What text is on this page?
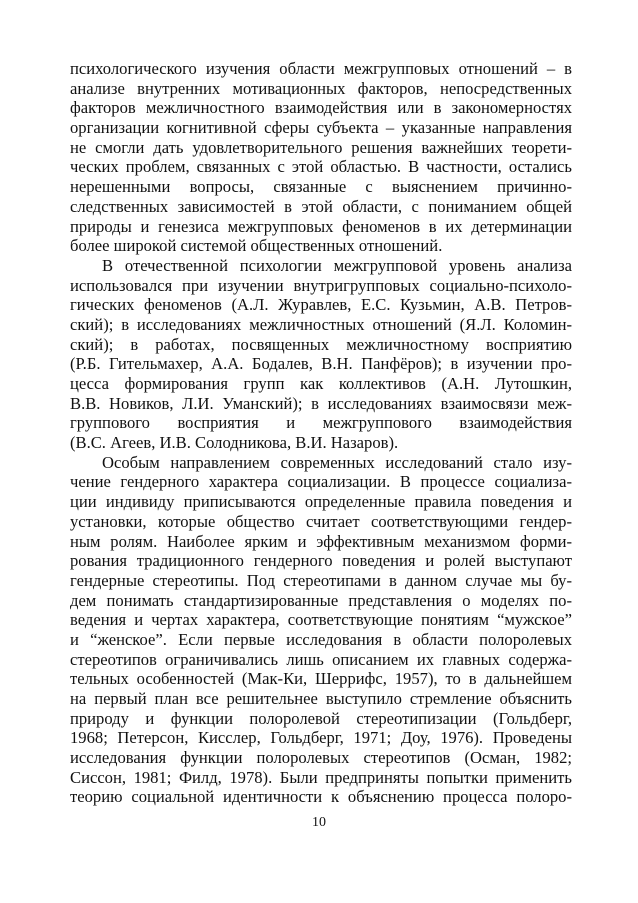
психологического изучения области межгрупповых отношений – в
анализе внутренних мотивационных факторов, непосредственных
факторов межличностного взаимодействия или в закономерностях
организации когнитивной сферы субъекта – указанные направления
не смогли дать удовлетворительного решения важнейших теорети-
ческих проблем, связанных с этой областью. В частности, остались
нерешенными вопросы, связанные с выяснением причинно-
следственных зависимостей в этой области, с пониманием общей
природы и генезиса межгрупповых феноменов в их детерминации
более широкой системой общественных отношений.
В отечественной психологии межгрупповой уровень анализа
использовался при изучении внутригрупповых социально-психоло-
гических феноменов (А.Л. Журавлев, Е.С. Кузьмин, А.В. Петров-
ский); в исследованиях межличностных отношений (Я.Л. Коломин-
ский); в работах, посвященных межличностному восприятию
(Р.Б. Гительмахер, А.А. Бодалев, В.Н. Панфёров); в изучении про-
цесса формирования групп как коллективов (А.Н. Лутошкин,
В.В. Новиков, Л.И. Уманский); в исследованиях взаимосвязи меж-
группового восприятия и межгруппового взаимодействия
(В.С. Агеев, И.В. Солодникова, В.И. Назаров).
Особым направлением современных исследований стало изу-
чение гендерного характера социализации. В процессе социализа-
ции индивиду приписываются определенные правила поведения и
установки, которые общество считает соответствующими гендер-
ным ролям. Наиболее ярким и эффективным механизмом форми-
рования традиционного гендерного поведения и ролей выступают
гендерные стереотипы. Под стереотипами в данном случае мы бу-
дем понимать стандартизированные представления о моделях по-
ведения и чертах характера, соответствующие понятиям “мужское”
и “женское”. Если первые исследования в области полоролевых
стереотипов ограничивались лишь описанием их главных содержа-
тельных особенностей (Мак-Ки, Шеррифс, 1957), то в дальнейшем
на первый план все решительнее выступило стремление объяснить
природу и функции полоролевой стереотипизации (Гольдберг,
1968; Петерсон, Кисслер, Гольдберг, 1971; Доу, 1976). Проведены
исследования функции полоролевых стереотипов (Осман, 1982;
Сиссон, 1981; Филд, 1978). Были предприняты попытки применить
теорию социальной идентичности к объяснению процесса полоро-
10
